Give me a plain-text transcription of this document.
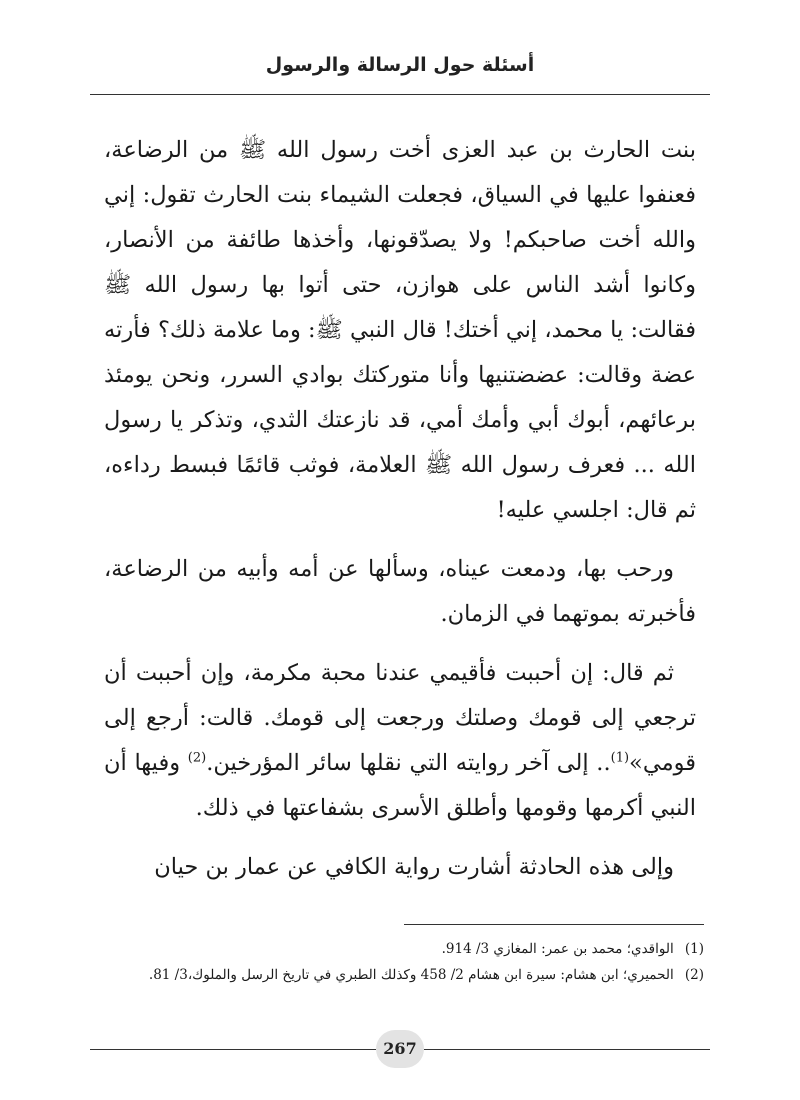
أسئلة حول الرسالة والرسول

بنت الحارث بن عبد العزى أخت رسول الله ﷺ من الرضاعة، فعنفوا عليها في السياق، فجعلت الشيماء بنت الحارث تقول: إني والله أخت صاحبكم! ولا يصدّقونها، وأخذها طائفة من الأنصار، وكانوا أشد الناس على هوازن، حتى أتوا بها رسول الله ﷺ فقالت: يا محمد، إني أختك! قال النبي ﷺ: وما علامة ذلك؟ فأرته عضة وقالت: عضضتنيها وأنا متوركتك بوادي السرر، ونحن يومئذ برعائهم، أبوك أبي وأمك أمي، قد نازعتك الثدي، وتذكر يا رسول الله ... فعرف رسول الله ﷺ العلامة، فوثب قائمًا فبسط رداءه، ثم قال: اجلسي عليه!

ورحب بها، ودمعت عيناه، وسألها عن أمه وأبيه من الرضاعة، فأخبرته بموتهما في الزمان.

ثم قال: إن أحببت فأقيمي عندنا محبة مكرمة، وإن أحببت أن ترجعي إلى قومك وصلتك ورجعت إلى قومك. قالت: أرجع إلى قومي»$^{(1)}$.. إلى آخر روايته التي نقلها سائر المؤرخين.$^{(2)}$ وفيها أن النبي أكرمها وقومها وأطلق الأسرى بشفاعتها في ذلك.

وإلى هذه الحادثة أشارت رواية الكافي عن عمار بن حيان

(1) الواقدي؛ محمد بن عمر: المغازي 3/ 914.

(2) الحميري؛ ابن هشام: سيرة ابن هشام 2/ 458 وكذلك الطبري في تاريخ الرسل والملوك،3/ 81.

267
